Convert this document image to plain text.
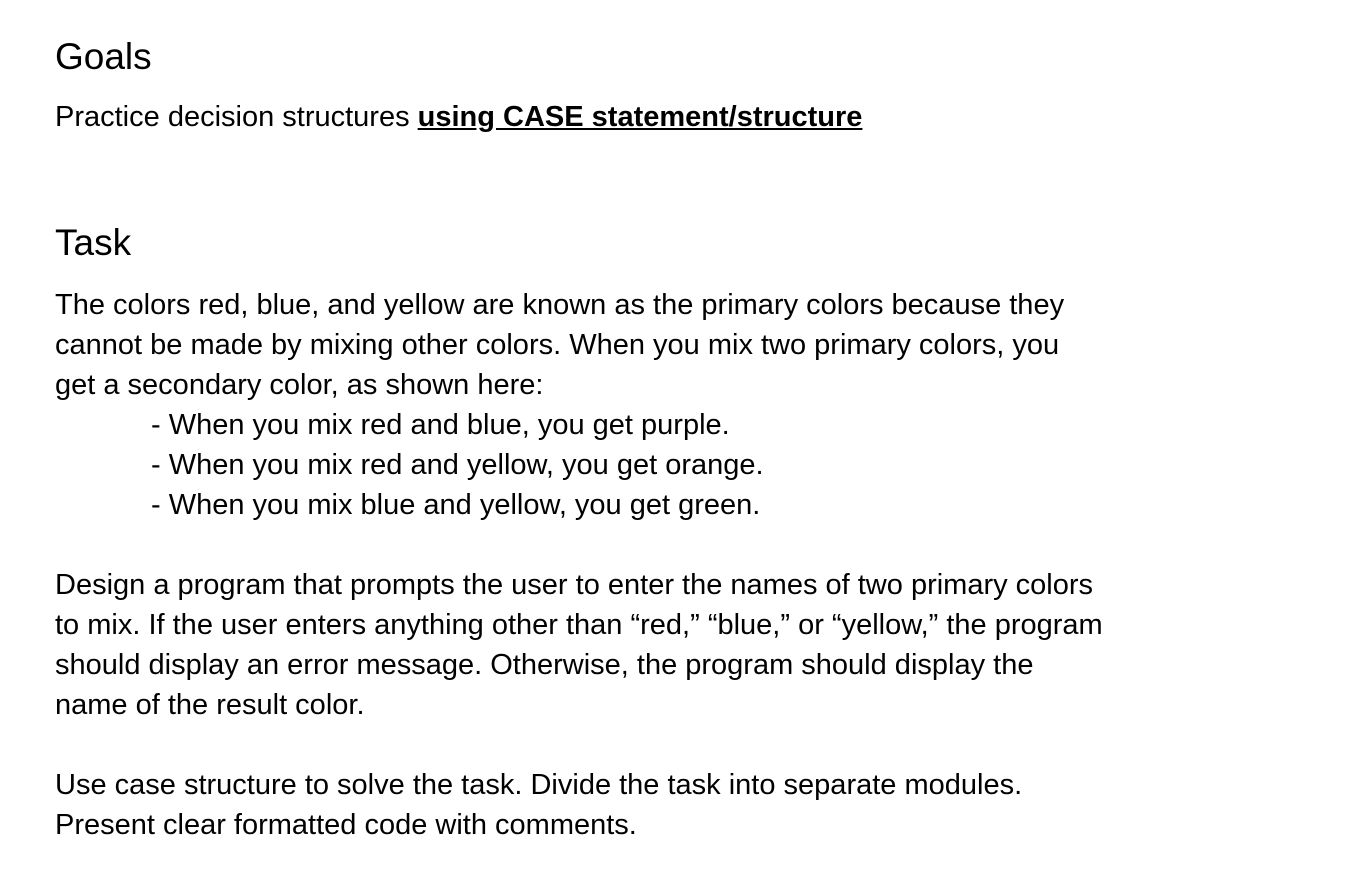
Goals

Practice decision structures using CASE statement/structure

Task

The colors red, blue, and yellow are known as the primary colors because they

cannot be made by mixing other colors. When you mix two primary colors, you

get a secondary color, as shown here:

- When you mix red and blue, you get purple.
- When you mix red and yellow, you get orange.
- When you mix blue and yellow, you get green.

Design a program that prompts the user to enter the names of two primary colors

to mix. If the user enters anything other than “red,” “blue,” or “yellow,” the program

should display an error message. Otherwise, the program should display the

name of the result color.

Use case structure to solve the task. Divide the task into separate modules.

Present clear formatted code with comments.
